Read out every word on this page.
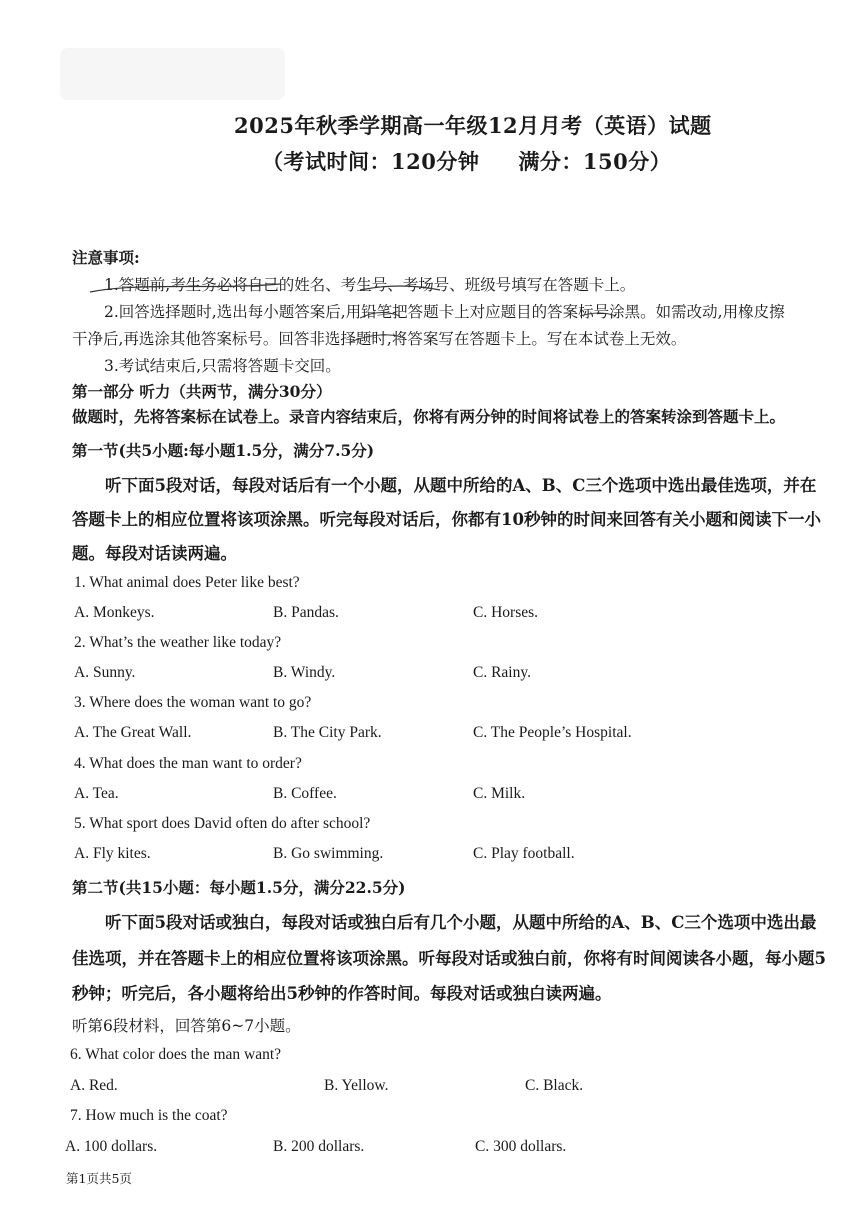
2025年秋季学期高一年级12月月考（英语）试题
（考试时间：120分钟     满分：150分）
注意事项:
1.答题前,考生务必将自己的姓名、考生号、考场号、班级号填写在答题卡上。
2.回答选择题时,选出每小题答案后,用铅笔把答题卡上对应题目的答案标号涂黑。如需改动,用橡皮擦
干净后,再选涂其他答案标号。回答非选择题时,将答案写在答题卡上。写在本试卷上无效。
3.考试结束后,只需将答题卡交回。
第一部分 听力（共两节，满分30分）
做题时，先将答案标在试卷上。录音内容结束后，你将有两分钟的时间将试卷上的答案转涂到答题卡上。
第一节(共5小题:每小题1.5分，满分7.5分)
听下面5段对话，每段对话后有一个小题，从题中所给的A、B、C三个选项中选出最佳选项，并在
答题卡上的相应位置将该项涂黑。听完每段对话后，你都有10秒钟的时间来回答有关小题和阅读下一小
题。每段对话读两遍。
1. What animal does Peter like best?
A. Monkeys.	B. Pandas.	C. Horses.
2. What’s the weather like today?
A. Sunny.	B. Windy.	C. Rainy.
3. Where does the woman want to go?
A. The Great Wall.	B. The City Park.	C. The People’s Hospital.
4. What does the man want to order?
A. Tea.	B. Coffee.	C. Milk.
5. What sport does David often do after school?
A. Fly kites.	B. Go swimming.	C. Play football.
第二节(共15小题：每小题1.5分，满分22.5分)
听下面5段对话或独白，每段对话或独白后有几个小题，从题中所给的A、B、C三个选项中选出最
佳选项，并在答题卡上的相应位置将该项涂黑。听每段对话或独白前，你将有时间阅读各小题，每小题5
秒钟；听完后，各小题将给出5秒钟的作答时间。每段对话或独白读两遍。
听第6段材料，回答第6~7小题。
6. What color does the man want?
A. Red.	B. Yellow.	C. Black.
7. How much is the coat?
A. 100 dollars.	B. 200 dollars.	C. 300 dollars.
第1页共5页
